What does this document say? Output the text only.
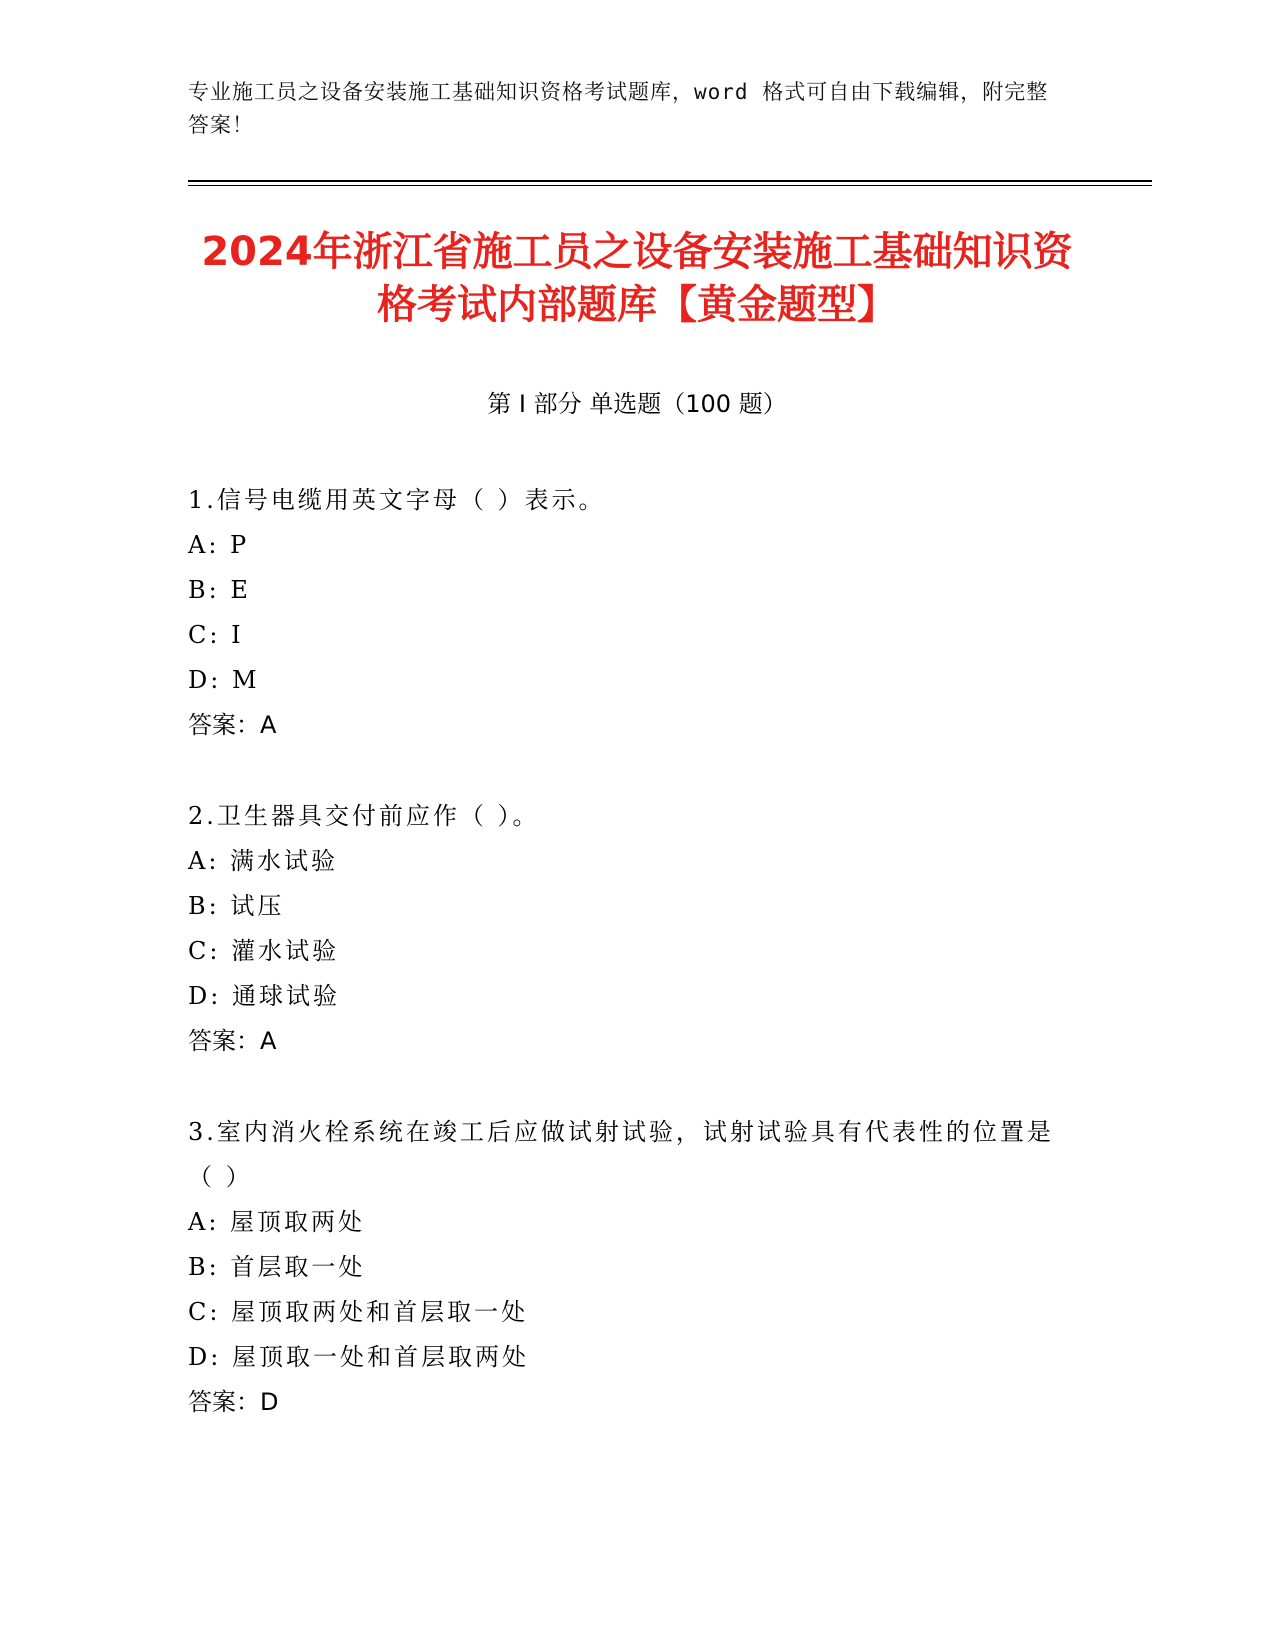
专业施工员之设备安装施工基础知识资格考试题库，word 格式可自由下载编辑，附完整答案！
2024年浙江省施工员之设备安装施工基础知识资格考试内部题库【黄金题型】
第 I 部分 单选题（100 题）

1.信号电缆用英文字母（ ）表示。

A: P

B: E

C: I

D: M

答案：A

2.卫生器具交付前应作（ ）。

A: 满水试验

B: 试压

C: 灌水试验

D: 通球试验

答案：A

3.室内消火栓系统在竣工后应做试射试验，试射试验具有代表性的位置是（ ）

A: 屋顶取两处

B: 首层取一处

C: 屋顶取两处和首层取一处

D: 屋顶取一处和首层取两处

答案：D
